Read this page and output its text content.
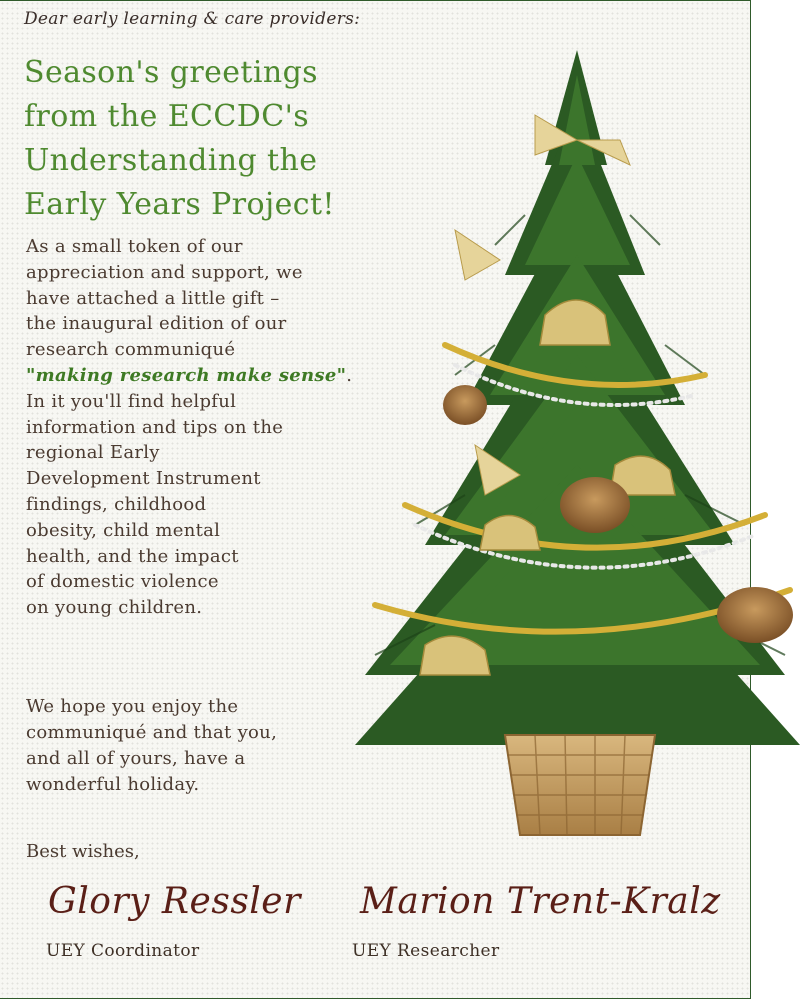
Dear early learning & care providers:
Season's greetings
from the ECCDC's
Understanding the
Early Years Project!
As a small token of our
appreciation and support, we
have attached a little gift –
the inaugural edition of our
research communiqué
"making research make sense".
In it you'll find helpful
information and tips on the
regional Early
Development Instrument
findings, childhood
obesity, child mental
health, and the impact
of domestic violence
on young children.
We hope you enjoy the
communiqué and that you,
and all of yours, have a
wonderful holiday.
Best wishes,
Glory Ressler Marion Trent-Kralz
UEY Coordinator	UEY Researcher
